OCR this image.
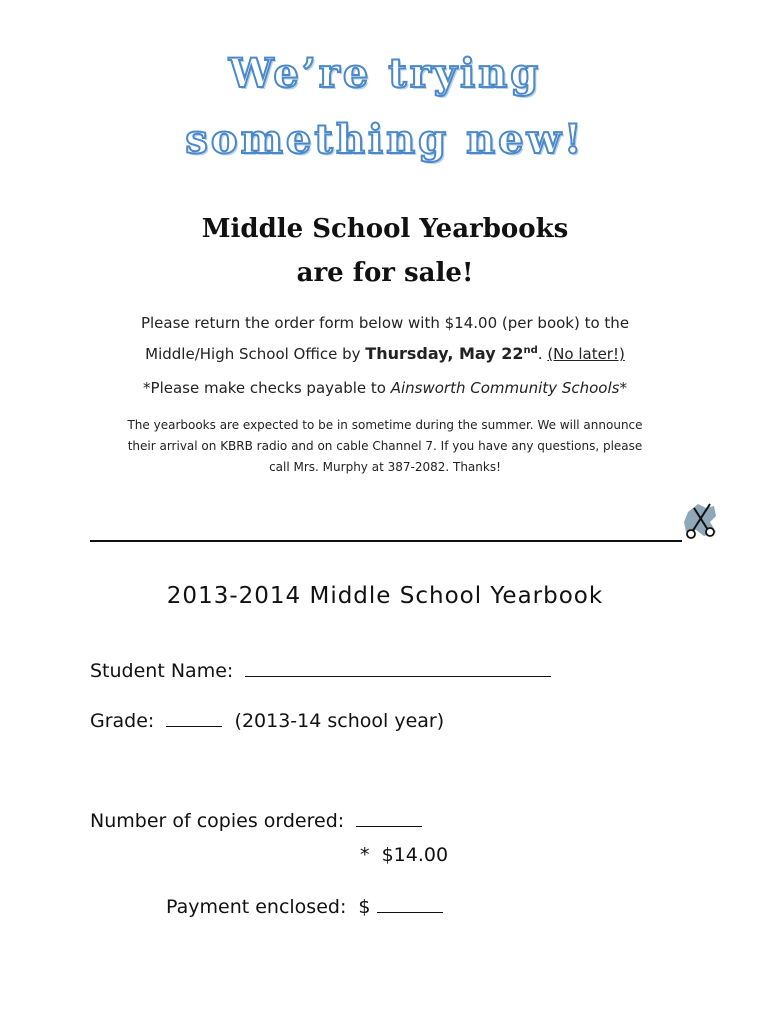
We’re trying
something new!
Middle School Yearbooks
are for sale!
Please return the order form below with $14.00 (per book) to the
Middle/High School Office by Thursday, May 22nd. (No later!)
*Please make checks payable to Ainsworth Community Schools*
The yearbooks are expected to be in sometime during the summer. We will announce
their arrival on KBRB radio and on cable Channel 7. If you have any questions, please
call Mrs. Murphy at 387-2082. Thanks!
2013-2014 Middle School Yearbook
Student Name:
Grade:	(2013-14 school year)
Number of copies ordered:
*  $14.00
Payment enclosed:  $
